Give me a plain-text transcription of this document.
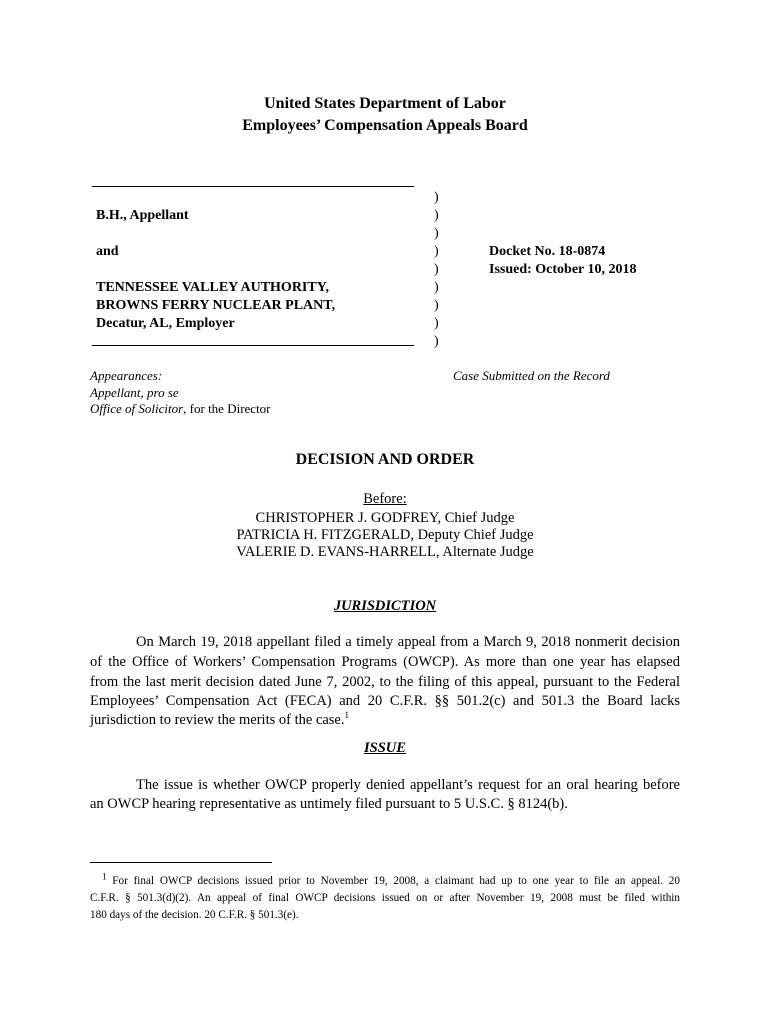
United States Department of Labor
Employees’ Compensation Appeals Board
B.H., Appellant
and
TENNESSEE VALLEY AUTHORITY,
BROWNS FERRY NUCLEAR PLANT,
Decatur, AL, Employer
)
)
)
)
)
)
)
)
)
Docket No. 18-0874
Issued: October 10, 2018
Appearances:
Appellant, pro se
Office of Solicitor, for the Director
Case Submitted on the Record
DECISION AND ORDER
Before:
CHRISTOPHER J. GODFREY, Chief Judge
PATRICIA H. FITZGERALD, Deputy Chief Judge
VALERIE D. EVANS-HARRELL, Alternate Judge
JURISDICTION
On March 19, 2018 appellant filed a timely appeal from a March 9, 2018 nonmerit decision
of the Office of Workers’ Compensation Programs (OWCP). As more than one year has elapsed
from the last merit decision dated June 7, 2002, to the filing of this appeal, pursuant to the Federal
Employees’ Compensation Act (FECA) and 20 C.F.R. §§ 501.2(c) and 501.3 the Board lacks
jurisdiction to review the merits of the case.$^1$
ISSUE
The issue is whether OWCP properly denied appellant’s request for an oral hearing before
an OWCP hearing representative as untimely filed pursuant to 5 U.S.C. § 8124(b).
$^1$ For final OWCP decisions issued prior to November 19, 2008, a claimant had up to one year to file an appeal. 20
C.F.R. § 501.3(d)(2). An appeal of final OWCP decisions issued on or after November 19, 2008 must be filed within
180 days of the decision. 20 C.F.R. § 501.3(e).
